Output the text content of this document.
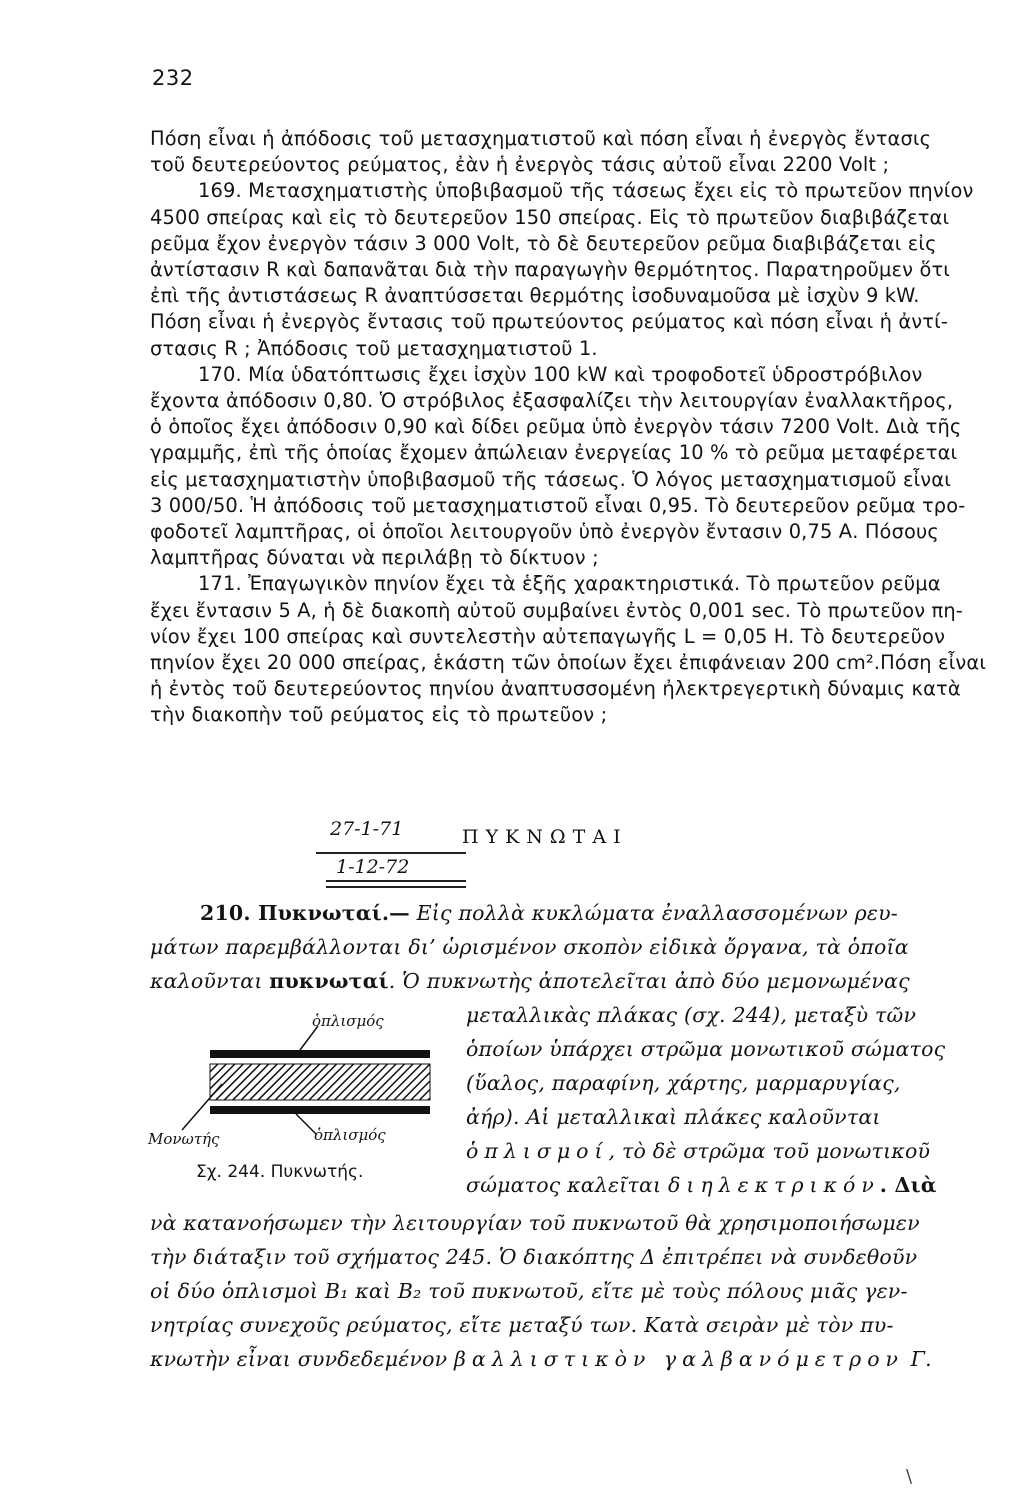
232
Πόση εἶναι ἡ ἀπόδοσις τοῦ μετασχηματιστοῦ καὶ πόση εἶναι ἡ ἐνεργὸς ἔντασις
τοῦ δευτερεύοντος ρεύματος, ἐὰν ἡ ἐνεργὸς τάσις αὐτοῦ εἶναι 2200 Volt ;
169. Μετασχηματιστὴς ὑποβιβασμοῦ τῆς τάσεως ἔχει εἰς τὸ πρωτεῦον πηνίον
4500 σπείρας καὶ εἰς τὸ δευτερεῦον 150 σπείρας. Εἰς τὸ πρωτεῦον διαβιβάζεται
ρεῦμα ἔχον ἐνεργὸν τάσιν 3 000 Volt, τὸ δὲ δευτερεῦον ρεῦμα διαβιβάζεται εἰς
ἀντίστασιν R καὶ δαπανᾶται διὰ τὴν παραγωγὴν θερμότητος. Παρατηροῦμεν ὅτι
ἐπὶ τῆς ἀντιστάσεως R ἀναπτύσσεται θερμότης ἰσοδυναμοῦσα μὲ ἰσχὺν 9 kW.
Πόση εἶναι ἡ ἐνεργὸς ἔντασις τοῦ πρωτεύοντος ρεύματος καὶ πόση εἶναι ἡ ἀντί-
στασις R ; Ἀπόδοσις τοῦ μετασχηματιστοῦ 1.
170. Μία ὑδατόπτωσις ἔχει ἰσχὺν 100 kW καὶ τροφοδοτεῖ ὑδροστρόβιλον
ἔχοντα ἀπόδοσιν 0,80. Ὁ στρόβιλος ἐξασφαλίζει τὴν λειτουργίαν ἐναλλακτῆρος,
ὁ ὁποῖος ἔχει ἀπόδοσιν 0,90 καὶ δίδει ρεῦμα ὑπὸ ἐνεργὸν τάσιν 7200 Volt. Διὰ τῆς
γραμμῆς, ἐπὶ τῆς ὁποίας ἔχομεν ἀπώλειαν ἐνεργείας 10 % τὸ ρεῦμα μεταφέρεται
εἰς μετασχηματιστὴν ὑποβιβασμοῦ τῆς τάσεως. Ὁ λόγος μετασχηματισμοῦ εἶναι
3 000/50. Ἡ ἀπόδοσις τοῦ μετασχηματιστοῦ εἶναι 0,95. Τὸ δευτερεῦον ρεῦμα τρο-
φοδοτεῖ λαμπτῆρας, οἱ ὁποῖοι λειτουργοῦν ὑπὸ ἐνεργὸν ἔντασιν 0,75 Α. Πόσους
λαμπτῆρας δύναται νὰ περιλάβῃ τὸ δίκτυον ;
171. Ἐπαγωγικὸν πηνίον ἔχει τὰ ἑξῆς χαρακτηριστικά. Τὸ πρωτεῦον ρεῦμα
ἔχει ἔντασιν 5 Α, ἡ δὲ διακοπὴ αὐτοῦ συμβαίνει ἐντὸς 0,001 sec. Τὸ πρωτεῦον πη-
νίον ἔχει 100 σπείρας καὶ συντελεστὴν αὐτεπαγωγῆς L = 0,05 H. Τὸ δευτερεῦον
πηνίον ἔχει 20 000 σπείρας, ἑκάστη τῶν ὁποίων ἔχει ἐπιφάνειαν 200 cm².Πόση εἶναι
ἡ ἐντὸς τοῦ δευτερεύοντος πηνίου ἀναπτυσσομένη ἠλεκτρεγερτικὴ δύναμις κατὰ
τὴν διακοπὴν τοῦ ρεύματος εἰς τὸ πρωτεῦον ;
27-1-71
1-12-72
ΠΥΚΝΩΤΑΙ
210. Πυκνωταί.— Εἰς πολλὰ κυκλώματα ἐναλλασσομένων ρευ-
μάτων παρεμβάλλονται δι’ ὡρισμένον σκοπὸν εἰδικὰ ὄργανα, τὰ ὁποῖα
καλοῦνται πυκνωταί. Ὁ πυκνωτὴς ἀποτελεῖται ἀπὸ δύο μεμονωμένας
μεταλλικὰς πλάκας (σχ. 244), μεταξὺ τῶν
ὁποίων ὑπάρχει στρῶμα μονωτικοῦ σώματος
(ὕαλος, παραφίνη, χάρτης, μαρμαρυγίας,
ἀήρ). Αἱ μεταλλικαὶ πλάκες καλοῦνται
ὁπλισμοί, τὸ δὲ στρῶμα τοῦ μονωτικοῦ
σώματος καλεῖται διηλεκτρικόν. Διὰ
νὰ κατανοήσωμεν τὴν λειτουργίαν τοῦ πυκνωτοῦ θὰ χρησιμοποιήσωμεν
τὴν διάταξιν τοῦ σχήματος 245. Ὁ διακόπτης Δ ἐπιτρέπει νὰ συνδεθοῦν
οἱ δύο ὁπλισμοὶ B₁ καὶ B₂ τοῦ πυκνωτοῦ, εἴτε μὲ τοὺς πόλους μιᾶς γεν-
νητρίας συνεχοῦς ρεύματος, εἴτε μεταξύ των. Κατὰ σειρὰν μὲ τὸν πυ-
κνωτὴν εἶναι συνδεδεμένον βαλλιστικὸν γαλβανόμετρον Γ.
ὁπλισμός
Μονωτής	ὁπλισμός
Σχ. 244. Πυκνωτής.
\
